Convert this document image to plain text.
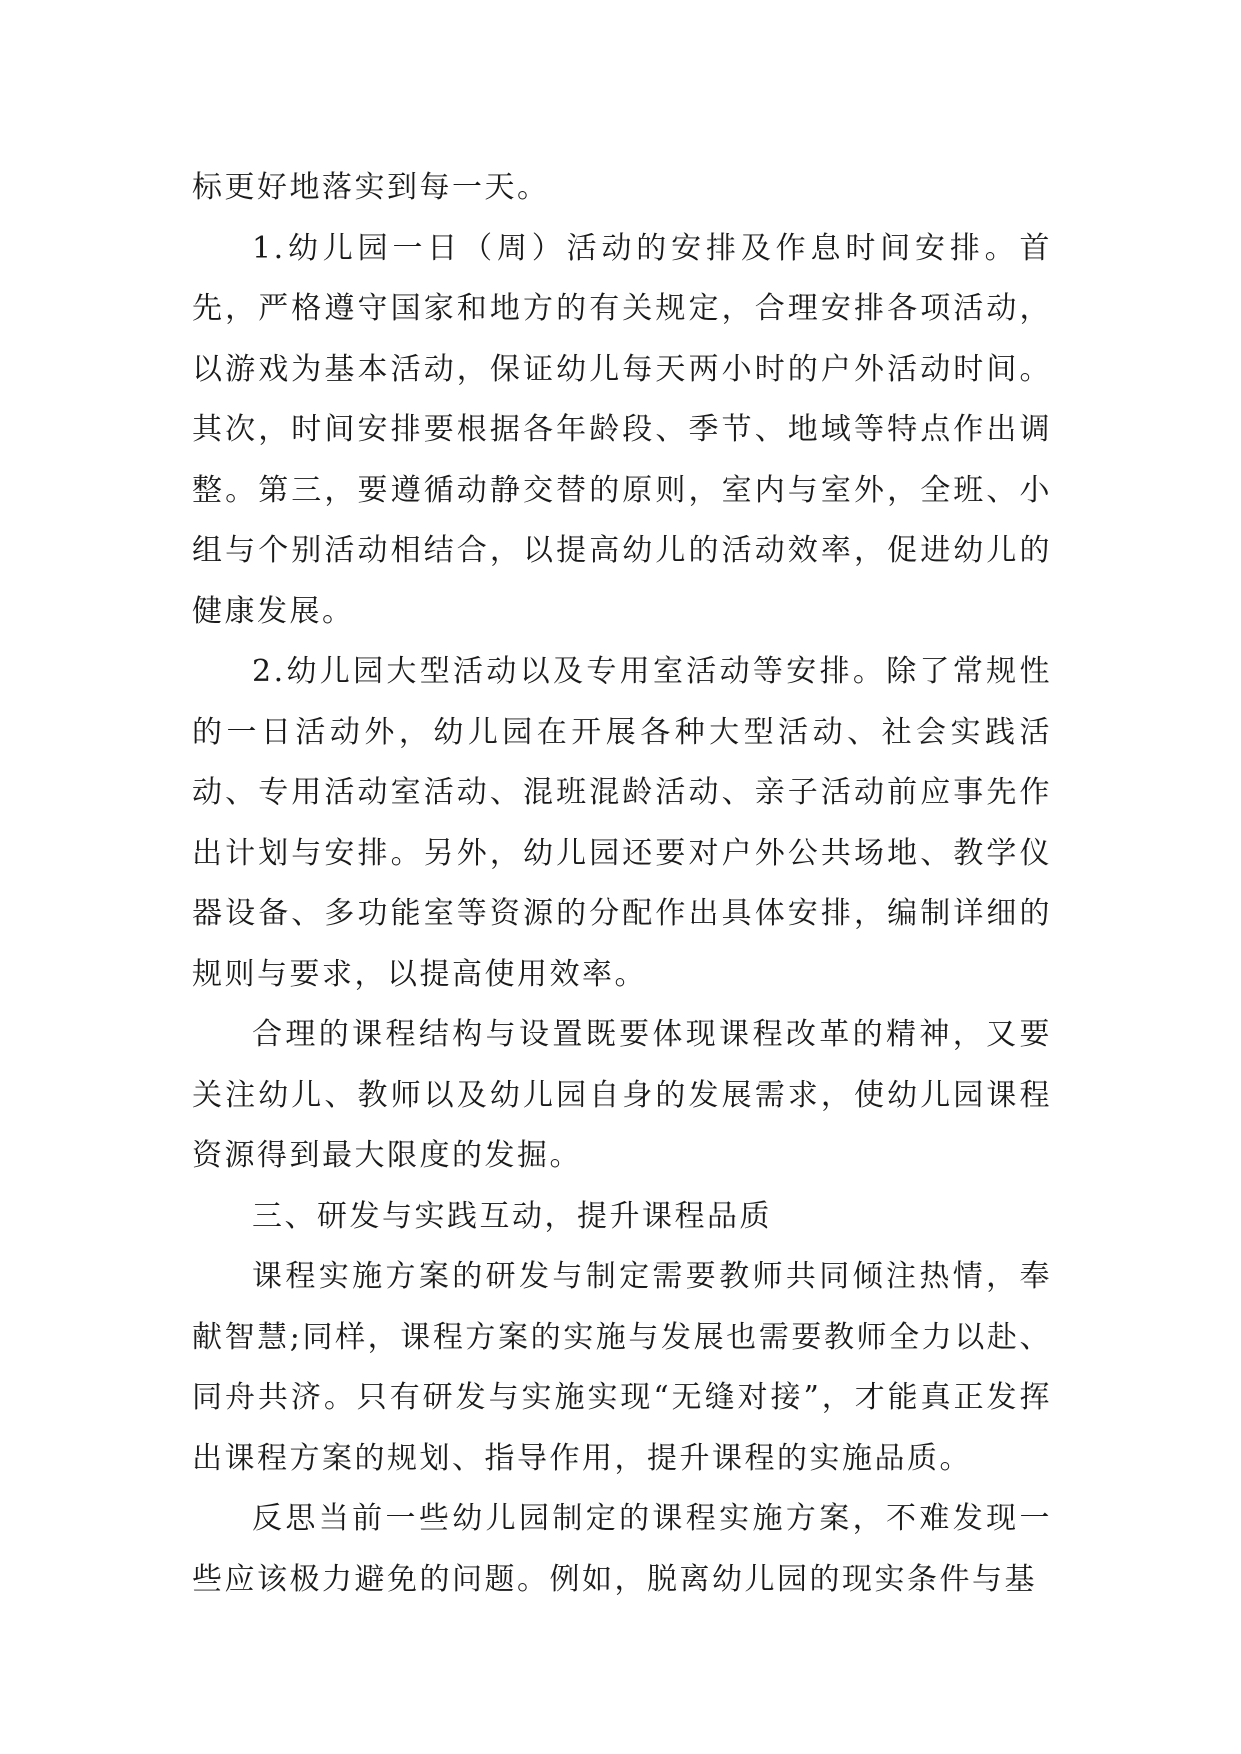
标更好地落实到每一天。

1.幼儿园一日（周）活动的安排及作息时间安排。首先，严格遵守国家和地方的有关规定，合理安排各项活动，以游戏为基本活动，保证幼儿每天两小时的户外活动时间。其次，时间安排要根据各年龄段、季节、地域等特点作出调整。第三，要遵循动静交替的原则，室内与室外，全班、小组与个别活动相结合，以提高幼儿的活动效率，促进幼儿的健康发展。

2.幼儿园大型活动以及专用室活动等安排。除了常规性的一日活动外，幼儿园在开展各种大型活动、社会实践活动、专用活动室活动、混班混龄活动、亲子活动前应事先作出计划与安排。另外，幼儿园还要对户外公共场地、教学仪器设备、多功能室等资源的分配作出具体安排，编制详细的规则与要求，以提高使用效率。

合理的课程结构与设置既要体现课程改革的精神，又要关注幼儿、教师以及幼儿园自身的发展需求，使幼儿园课程资源得到最大限度的发掘。

三、研发与实践互动，提升课程品质

课程实施方案的研发与制定需要教师共同倾注热情，奉献智慧;同样，课程方案的实施与发展也需要教师全力以赴、同舟共济。只有研发与实施实现“无缝对接”，才能真正发挥出课程方案的规划、指导作用，提升课程的实施品质。

反思当前一些幼儿园制定的课程实施方案，不难发现一些应该极力避免的问题。例如，脱离幼儿园的现实条件与基
